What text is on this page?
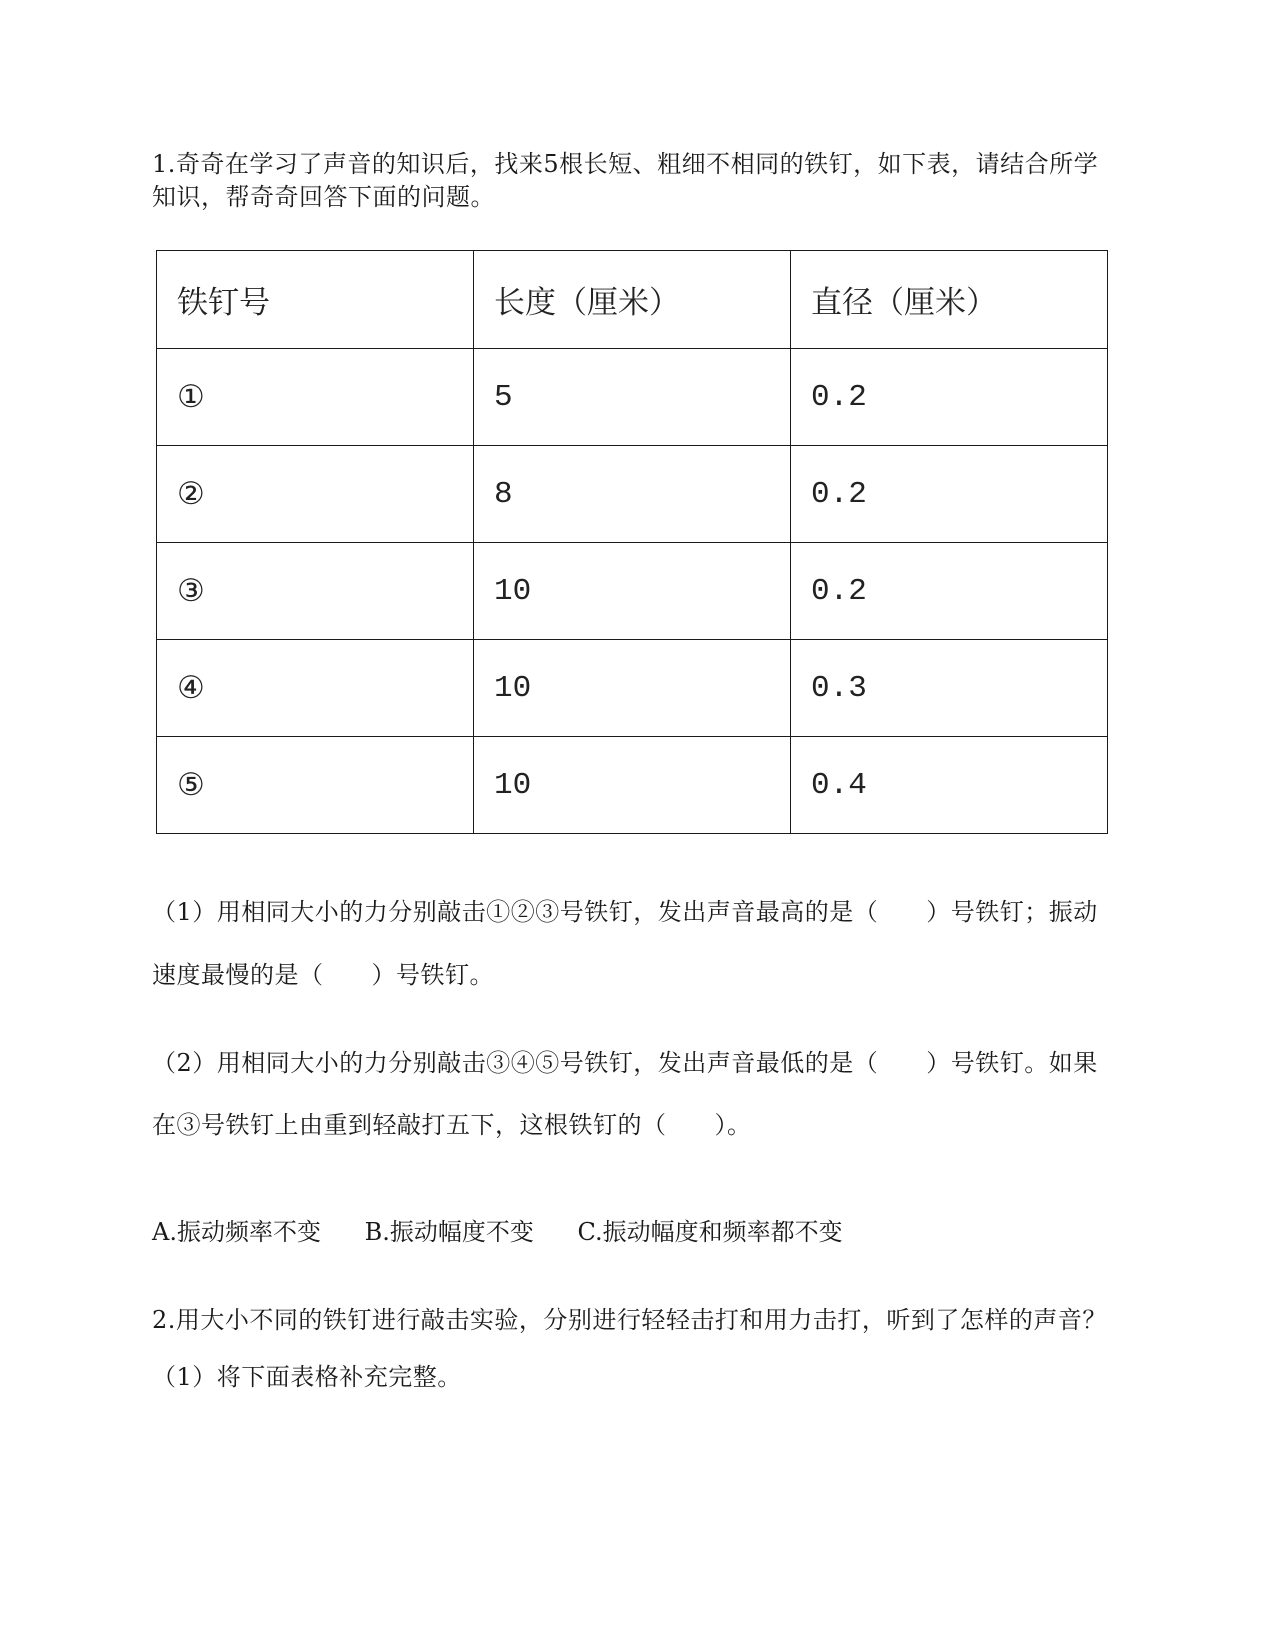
1.奇奇在学习了声音的知识后，找来5根长短、粗细不相同的铁钉，如下表，请结合所学
知识，帮奇奇回答下面的问题。
铁钉号	长度（厘米）	直径（厘米）
①	5	0.2
②	8	0.2
③	10	0.2
④	10	0.3
⑤	10	0.4
（1）用相同大小的力分别敲击①②③号铁钉，发出声音最高的是（ ）号铁钉；振动
速度最慢的是（ ）号铁钉。
（2）用相同大小的力分别敲击③④⑤号铁钉，发出声音最低的是（ ）号铁钉。如果
在③号铁钉上由重到轻敲打五下，这根铁钉的（ ）。
A.振动频率不变 B.振动幅度不变 C.振动幅度和频率都不变
2.用大小不同的铁钉进行敲击实验，分别进行轻轻击打和用力击打，听到了怎样的声音？
（1）将下面表格补充完整。
